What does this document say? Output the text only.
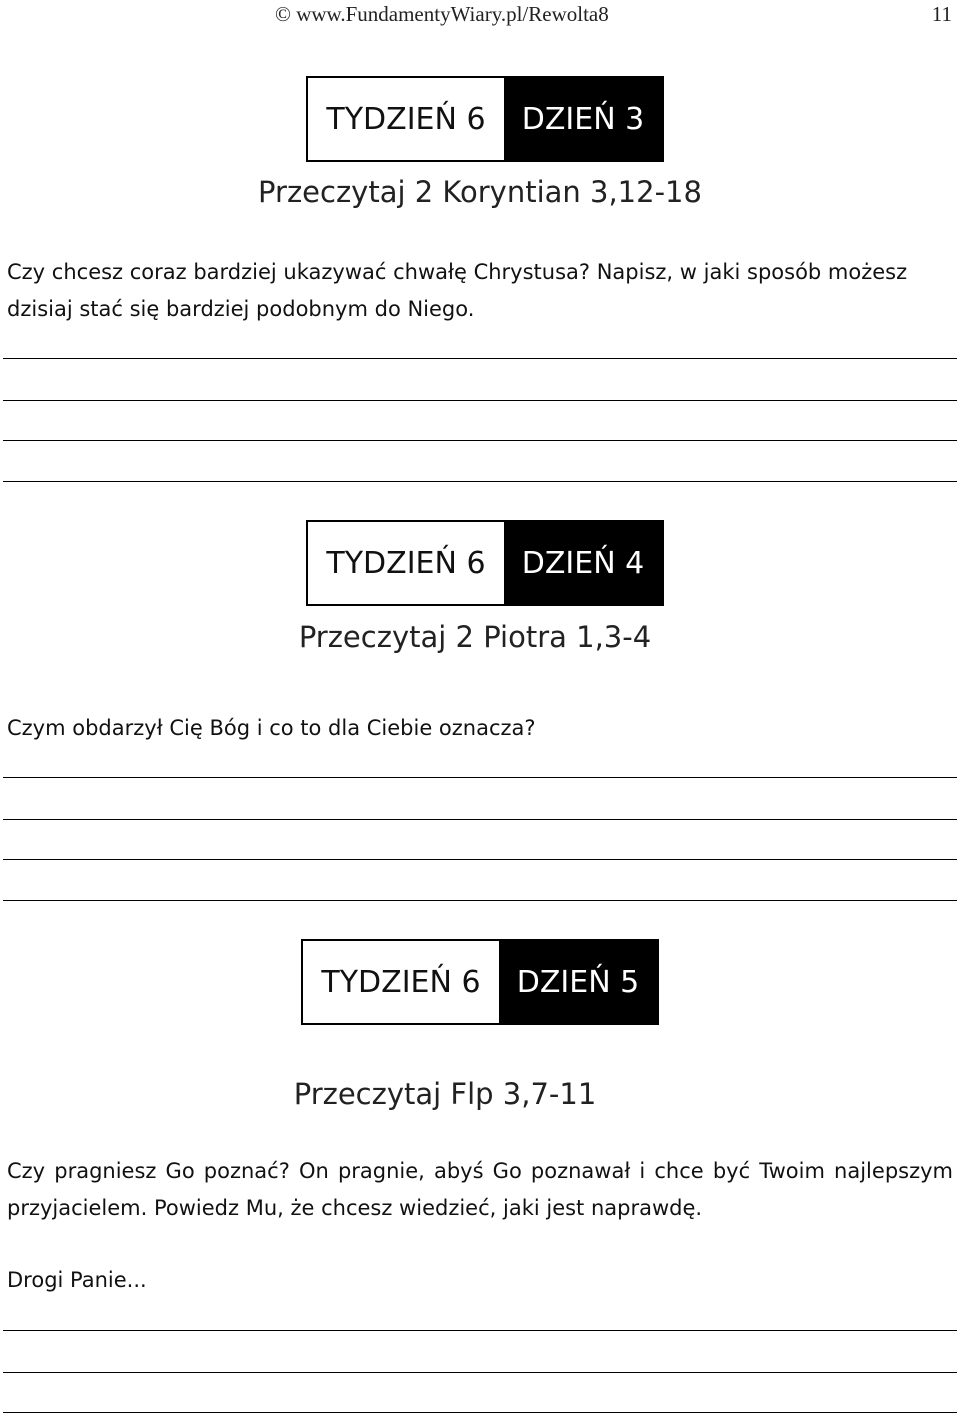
© www.FundamentyWiary.pl/Rewolta8	11
TYDZIEŃ 6	DZIEŃ 3
Przeczytaj 2 Koryntian 3,12-18
Czy chcesz coraz bardziej ukazywać chwałę Chrystusa? Napisz, w jaki sposób możesz dzisiaj stać się bardziej podobnym do Niego.
TYDZIEŃ 6	DZIEŃ 4
Przeczytaj 2 Piotra 1,3-4
Czym obdarzył Cię Bóg i co to dla Ciebie oznacza?
TYDZIEŃ 6	DZIEŃ 5
Przeczytaj Flp 3,7-11
Czy pragniesz Go poznać? On pragnie, abyś Go poznawał i chce być Twoim najlepszym przyjacielem. Powiedz Mu, że chcesz wiedzieć, jaki jest naprawdę.
Drogi Panie...
